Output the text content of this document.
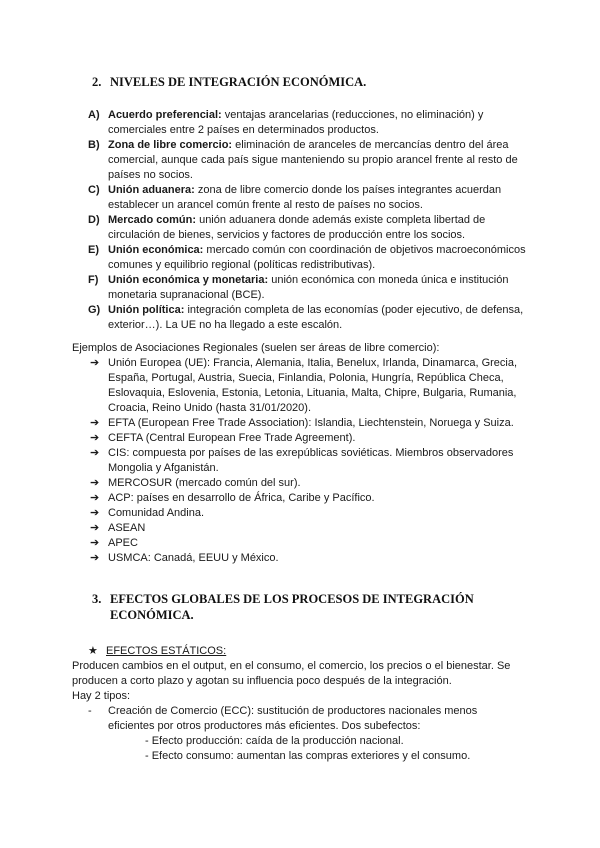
2. NIVELES DE INTEGRACIÓN ECONÓMICA.
A) Acuerdo preferencial: ventajas arancelarias (reducciones, no eliminación) y comerciales entre 2 países en determinados productos.
B) Zona de libre comercio: eliminación de aranceles de mercancías dentro del área comercial, aunque cada país sigue manteniendo su propio arancel frente al resto de países no socios.
C) Unión aduanera: zona de libre comercio donde los países integrantes acuerdan establecer un arancel común frente al resto de países no socios.
D) Mercado común: unión aduanera donde además existe completa libertad de circulación de bienes, servicios y factores de producción entre los socios.
E) Unión económica: mercado común con coordinación de objetivos macroeconómicos comunes y equilibrio regional (políticas redistributivas).
F) Unión económica y monetaria: unión económica con moneda única e institución monetaria supranacional (BCE).
G) Unión política: integración completa de las economías (poder ejecutivo, de defensa, exterior…). La UE no ha llegado a este escalón.
Ejemplos de Asociaciones Regionales (suelen ser áreas de libre comercio):
➔ Unión Europea (UE): Francia, Alemania, Italia, Benelux, Irlanda, Dinamarca, Grecia, España, Portugal, Austria, Suecia, Finlandia, Polonia, Hungría, República Checa, Eslovaquia, Eslovenia, Estonia, Letonia, Lituania, Malta, Chipre, Bulgaria, Rumania, Croacia, Reino Unido (hasta 31/01/2020).
➔ EFTA (European Free Trade Association): Islandia, Liechtenstein, Noruega y Suiza.
➔ CEFTA (Central European Free Trade Agreement).
➔ CIS: compuesta por países de las exrepúblicas soviéticas. Miembros observadores Mongolia y Afganistán.
➔ MERCOSUR (mercado común del sur).
➔ ACP: países en desarrollo de África, Caribe y Pacífico.
➔ Comunidad Andina.
➔ ASEAN
➔ APEC
➔ USMCA: Canadá, EEUU y México.
3. EFECTOS GLOBALES DE LOS PROCESOS DE INTEGRACIÓN
ECONÓMICA.
★ EFECTOS ESTÁTICOS:
Producen cambios en el output, en el consumo, el comercio, los precios o el bienestar. Se producen a corto plazo y agotan su influencia poco después de la integración.
Hay 2 tipos:
-	Creación de Comercio (ECC): sustitución de productores nacionales menos eficientes por otros productores más eficientes. Dos subefectos:
- Efecto producción: caída de la producción nacional.
- Efecto consumo: aumentan las compras exteriores y el consumo.
